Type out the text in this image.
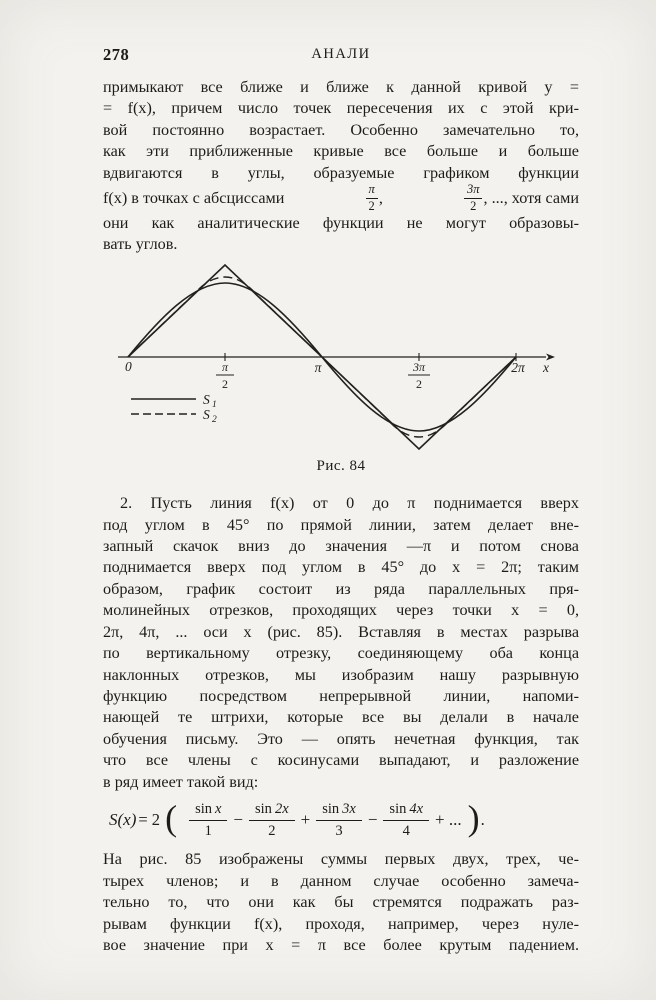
278	АНАЛИ
примыкают все ближе и ближе к данной кривой y =
= f(x), причем число точек пересечения их с этой кри-
вой постоянно возрастает. Особенно замечательно то,
как эти приближенные кривые все больше и больше
вдвигаются в углы, образуемые графиком функции
f(x) в точках с абсциссами	π
2 ,	3π
2 , ..., хотя сами
они как аналитические функции не могут образовы-
вать углов.
0	π
2
π	3π
2
2π x
S 1
S 2
Рис. 84
2. Пусть линия f(x) от 0 до π поднимается вверх
под углом в 45° по прямой линии, затем делает вне-
запный скачок вниз до значения —π и потом снова
поднимается вверх под углом в 45° до x = 2π; таким
образом, график состоит из ряда параллельных пря-
молинейных отрезков, проходящих через точки x = 0,
2π, 4π, ... оси x (рис. 85). Вставляя в местах разрыва
по вертикальному отрезку, соединяющему оба конца
наклонных отрезков, мы изобразим нашу разрывную
функцию посредством непрерывной линии, напоми-
нающей те штрихи, которые все вы делали в начале
обучения письму. Это — опять нечетная функция, так
что все члены с косинусами выпадают, и разложение
в ряд имеет такой вид:
S(x) = 2 (	sin x
1
− $\frac{\sin 2x}{2} + \frac{\sin 3x}{3} - \frac{\sin 4x}{4}$ + ... ) .
На рис. 85 изображены суммы первых двух, трех, че-
тырех членов; и в данном случае особенно замеча-
тельно то, что они как бы стремятся подражать раз-
рывам функции f(x), проходя, например, через нуле-
вое значение при x = π все более крутым падением.
